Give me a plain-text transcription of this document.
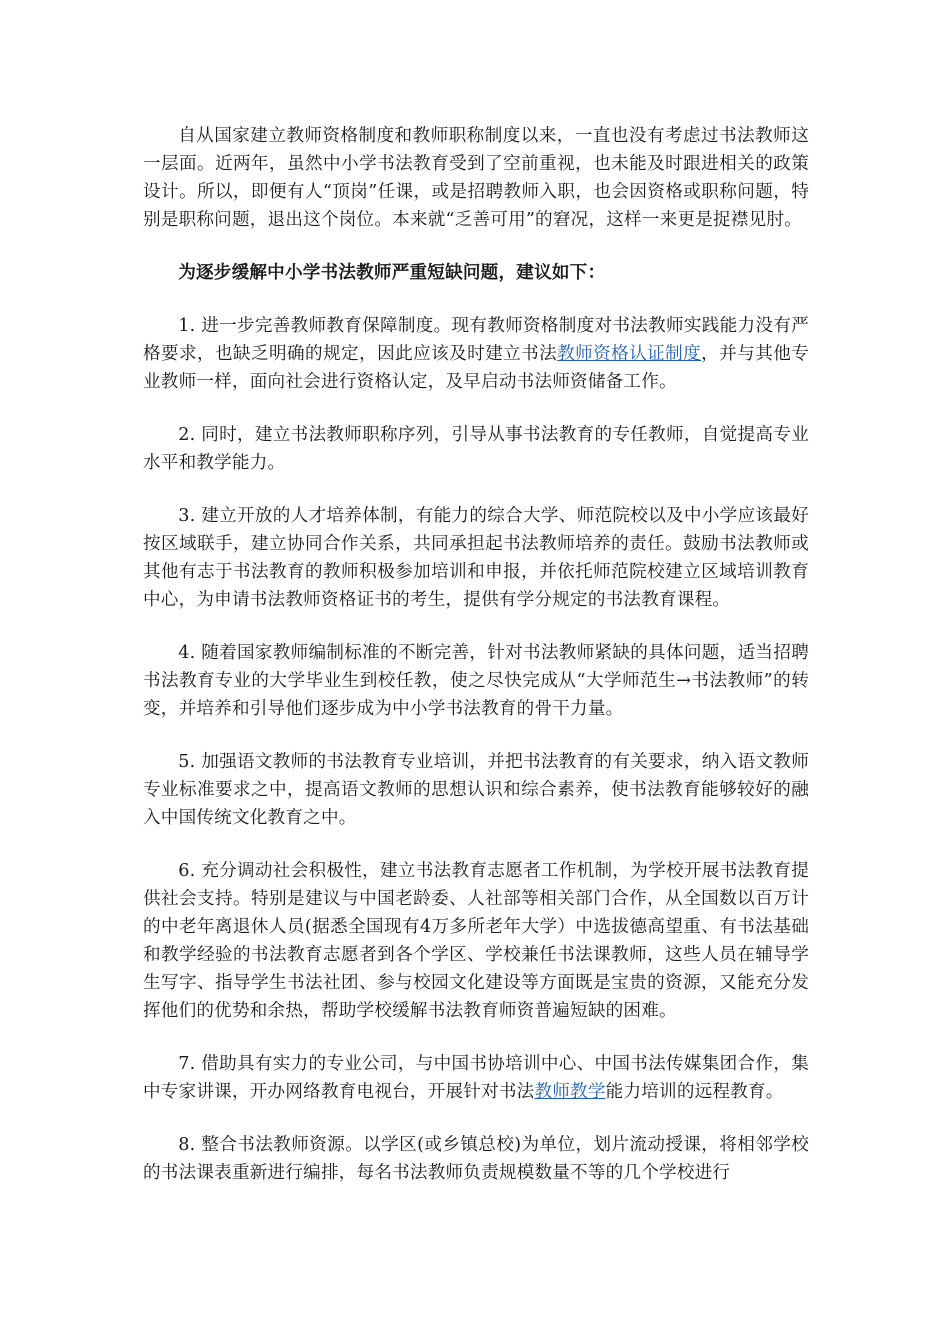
自从国家建立教师资格制度和教师职称制度以来，一直也没有考虑过书法教师这一层面。近两年，虽然中小学书法教育受到了空前重视，也未能及时跟进相关的政策设计。所以，即便有人“顶岗”任课，或是招聘教师入职，也会因资格或职称问题，特别是职称问题，退出这个岗位。本来就“乏善可用”的窘况，这样一来更是捉襟见肘。

为逐步缓解中小学书法教师严重短缺问题，建议如下：

1. 进一步完善教师教育保障制度。现有教师资格制度对书法教师实践能力没有严格要求，也缺乏明确的规定，因此应该及时建立书法教师资格认证制度，并与其他专业教师一样，面向社会进行资格认定，及早启动书法师资储备工作。

2. 同时，建立书法教师职称序列，引导从事书法教育的专任教师，自觉提高专业水平和教学能力。

3. 建立开放的人才培养体制，有能力的综合大学、师范院校以及中小学应该最好按区域联手，建立协同合作关系，共同承担起书法教师培养的责任。鼓励书法教师或其他有志于书法教育的教师积极参加培训和申报，并依托师范院校建立区域培训教育中心，为申请书法教师资格证书的考生，提供有学分规定的书法教育课程。

4. 随着国家教师编制标准的不断完善，针对书法教师紧缺的具体问题，适当招聘书法教育专业的大学毕业生到校任教，使之尽快完成从“大学师范生→书法教师”的转变，并培养和引导他们逐步成为中小学书法教育的骨干力量。

5. 加强语文教师的书法教育专业培训，并把书法教育的有关要求，纳入语文教师专业标准要求之中，提高语文教师的思想认识和综合素养，使书法教育能够较好的融入中国传统文化教育之中。

6. 充分调动社会积极性，建立书法教育志愿者工作机制，为学校开展书法教育提供社会支持。特别是建议与中国老龄委、人社部等相关部门合作，从全国数以百万计的中老年离退休人员(据悉全国现有4万多所老年大学）中选拔德高望重、有书法基础和教学经验的书法教育志愿者到各个学区、学校兼任书法课教师，这些人员在辅导学生写字、指导学生书法社团、参与校园文化建设等方面既是宝贵的资源，又能充分发挥他们的优势和余热，帮助学校缓解书法教育师资普遍短缺的困难。

7. 借助具有实力的专业公司，与中国书协培训中心、中国书法传媒集团合作，集中专家讲课，开办网络教育电视台，开展针对书法教师教学能力培训的远程教育。

8. 整合书法教师资源。以学区(或乡镇总校)为单位，划片流动授课，将相邻学校的书法课表重新进行编排，每名书法教师负责规模数量不等的几个学校进行
